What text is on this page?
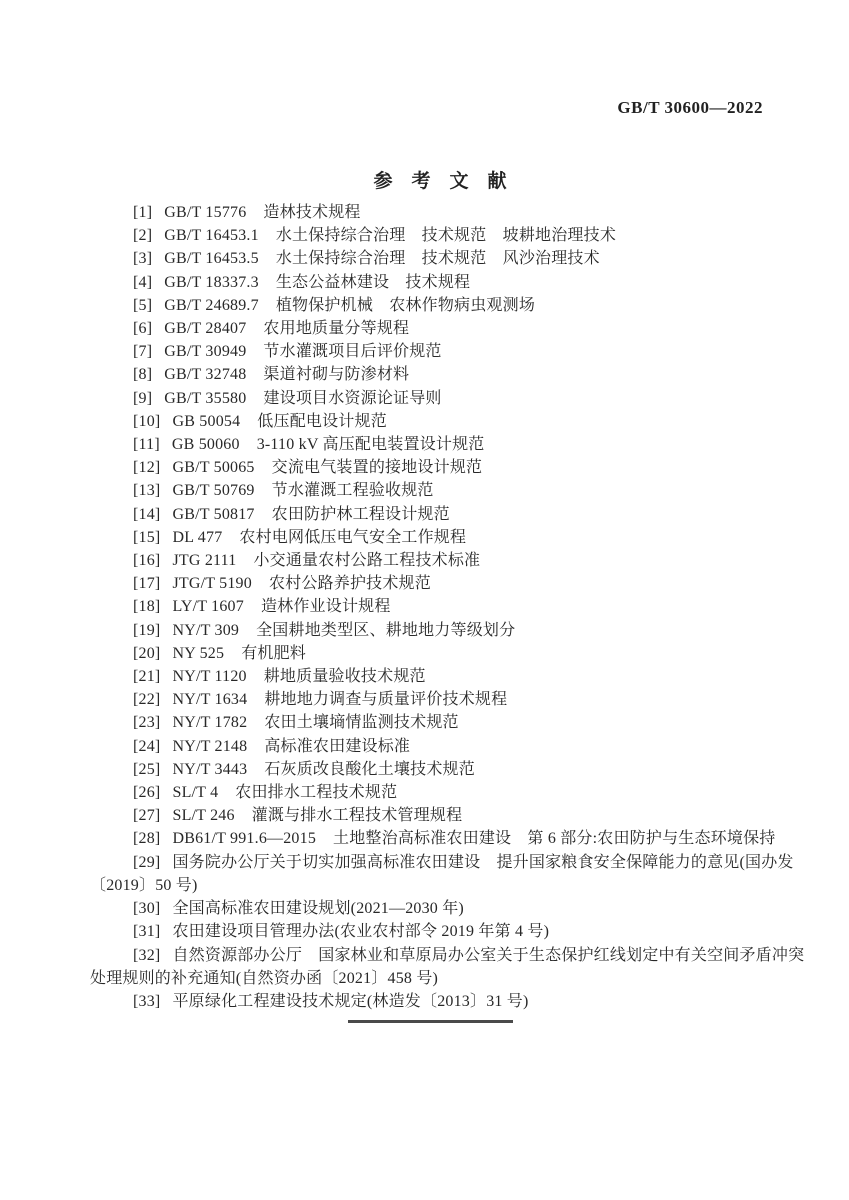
GB/T 30600—2022
参　考　文　献

[1] GB/T 15776 造林技术规程

[2] GB/T 16453.1 水土保持综合治理　技术规范　坡耕地治理技术

[3] GB/T 16453.5 水土保持综合治理　技术规范　风沙治理技术

[4] GB/T 18337.3 生态公益林建设　技术规程

[5] GB/T 24689.7 植物保护机械　农林作物病虫观测场

[6] GB/T 28407 农用地质量分等规程

[7] GB/T 30949 节水灌溉项目后评价规范

[8] GB/T 32748 渠道衬砌与防渗材料

[9] GB/T 35580 建设项目水资源论证导则

[10] GB 50054 低压配电设计规范

[11] GB 50060 3-110 kV 高压配电装置设计规范

[12] GB/T 50065 交流电气装置的接地设计规范

[13] GB/T 50769 节水灌溉工程验收规范

[14] GB/T 50817 农田防护林工程设计规范

[15] DL 477 农村电网低压电气安全工作规程

[16] JTG 2111 小交通量农村公路工程技术标准

[17] JTG/T 5190 农村公路养护技术规范

[18] LY/T 1607 造林作业设计规程

[19] NY/T 309 全国耕地类型区、耕地地力等级划分

[20] NY 525 有机肥料

[21] NY/T 1120 耕地质量验收技术规范

[22] NY/T 1634 耕地地力调查与质量评价技术规程

[23] NY/T 1782 农田土壤墒情监测技术规范

[24] NY/T 2148 高标准农田建设标准

[25] NY/T 3443 石灰质改良酸化土壤技术规范

[26] SL/T 4 农田排水工程技术规范

[27] SL/T 246 灌溉与排水工程技术管理规程

[28] DB61/T 991.6—2015 土地整治高标准农田建设　第 6 部分:农田防护与生态环境保持

[29] 国务院办公厅关于切实加强高标准农田建设　提升国家粮食安全保障能力的意见(国办发

〔2019〕50 号)

[30] 全国高标准农田建设规划(2021—2030 年)

[31] 农田建设项目管理办法(农业农村部令 2019 年第 4 号)

[32] 自然资源部办公厅　国家林业和草原局办公室关于生态保护红线划定中有关空间矛盾冲突

处理规则的补充通知(自然资办函〔2021〕458 号)

[33] 平原绿化工程建设技术规定(林造发〔2013〕31 号)
